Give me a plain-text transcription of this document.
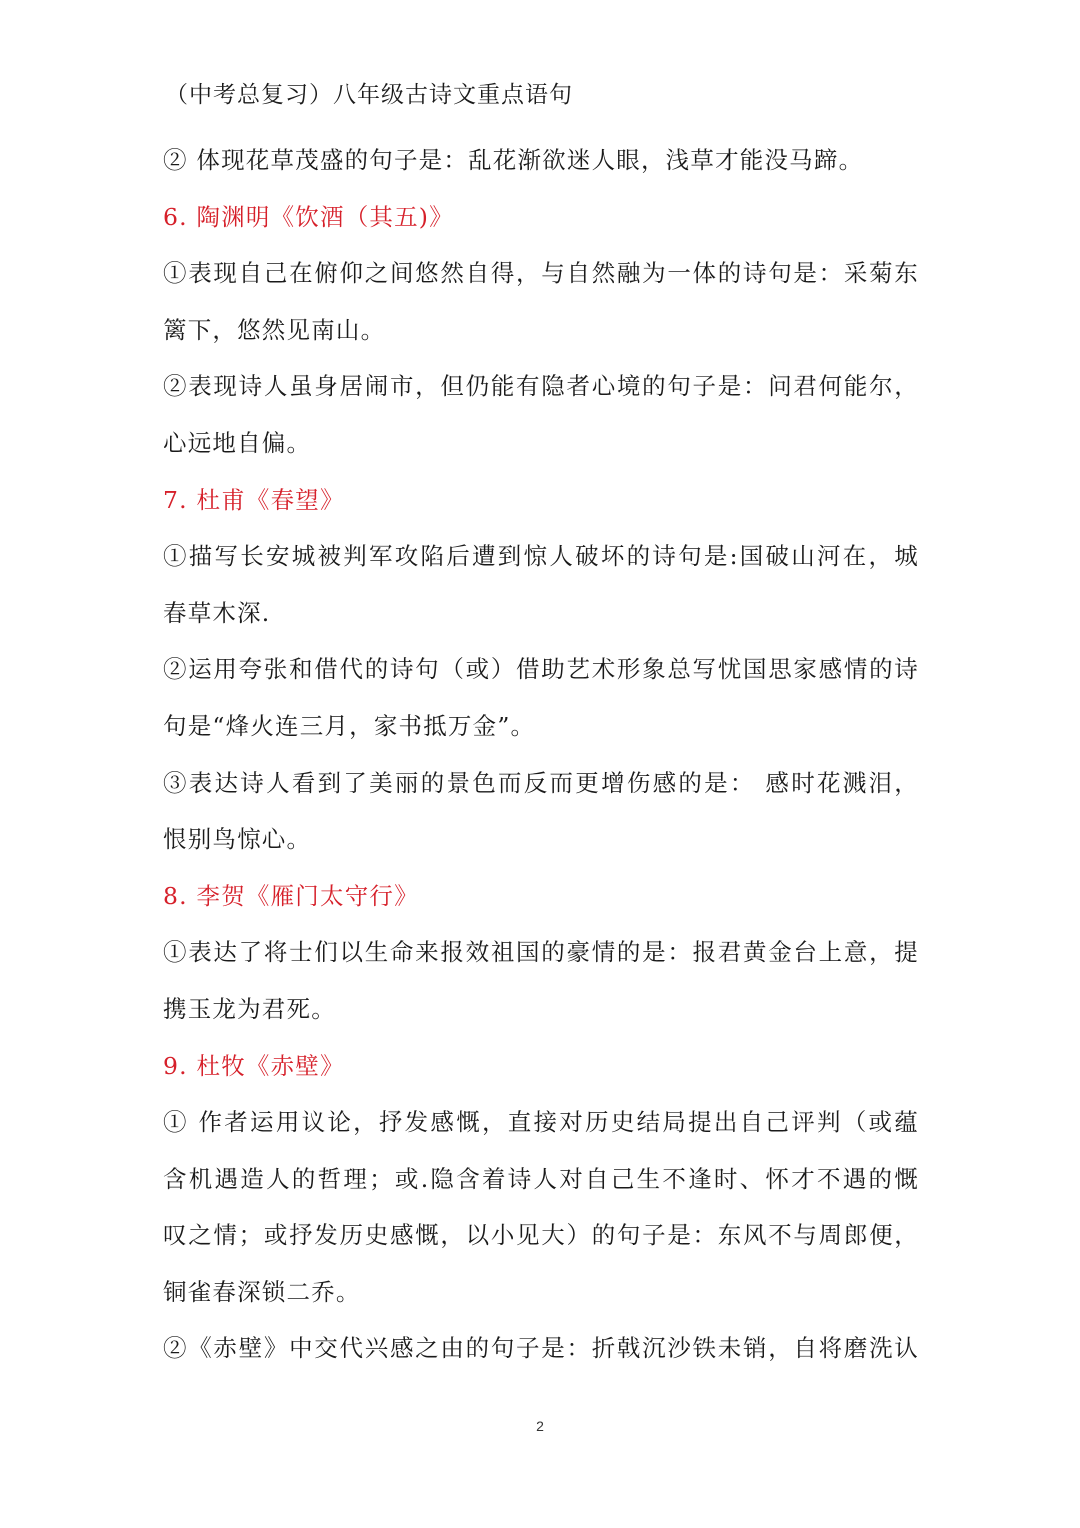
（中考总复习）八年级古诗文重点语句
② 体现花草茂盛的句子是：乱花渐欲迷人眼，浅草才能没马蹄。
6. 陶渊明《饮酒（其五)》
①表现自己在俯仰之间悠然自得，与自然融为一体的诗句是：采菊东
篱下，悠然见南山。
②表现诗人虽身居闹市，但仍能有隐者心境的句子是：问君何能尔，
心远地自偏。
7. 杜甫《春望》
①描写长安城被判军攻陷后遭到惊人破坏的诗句是:国破山河在，城
春草木深.
②运用夸张和借代的诗句（或）借助艺术形象总写忧国思家感情的诗
句是“烽火连三月，家书抵万金”。
③表达诗人看到了美丽的景色而反而更增伤感的是： 感时花溅泪，
恨别鸟惊心。
8. 李贺《雁门太守行》
①表达了将士们以生命来报效祖国的豪情的是：报君黄金台上意，提
携玉龙为君死。
9. 杜牧《赤壁》
① 作者运用议论，抒发感慨，直接对历史结局提出自己评判（或蕴
含机遇造人的哲理；或.隐含着诗人对自己生不逢时、怀才不遇的慨
叹之情；或抒发历史感慨，以小见大）的句子是：东风不与周郎便，
铜雀春深锁二乔。
②《赤壁》中交代兴感之由的句子是：折戟沉沙铁未销，自将磨洗认
2
